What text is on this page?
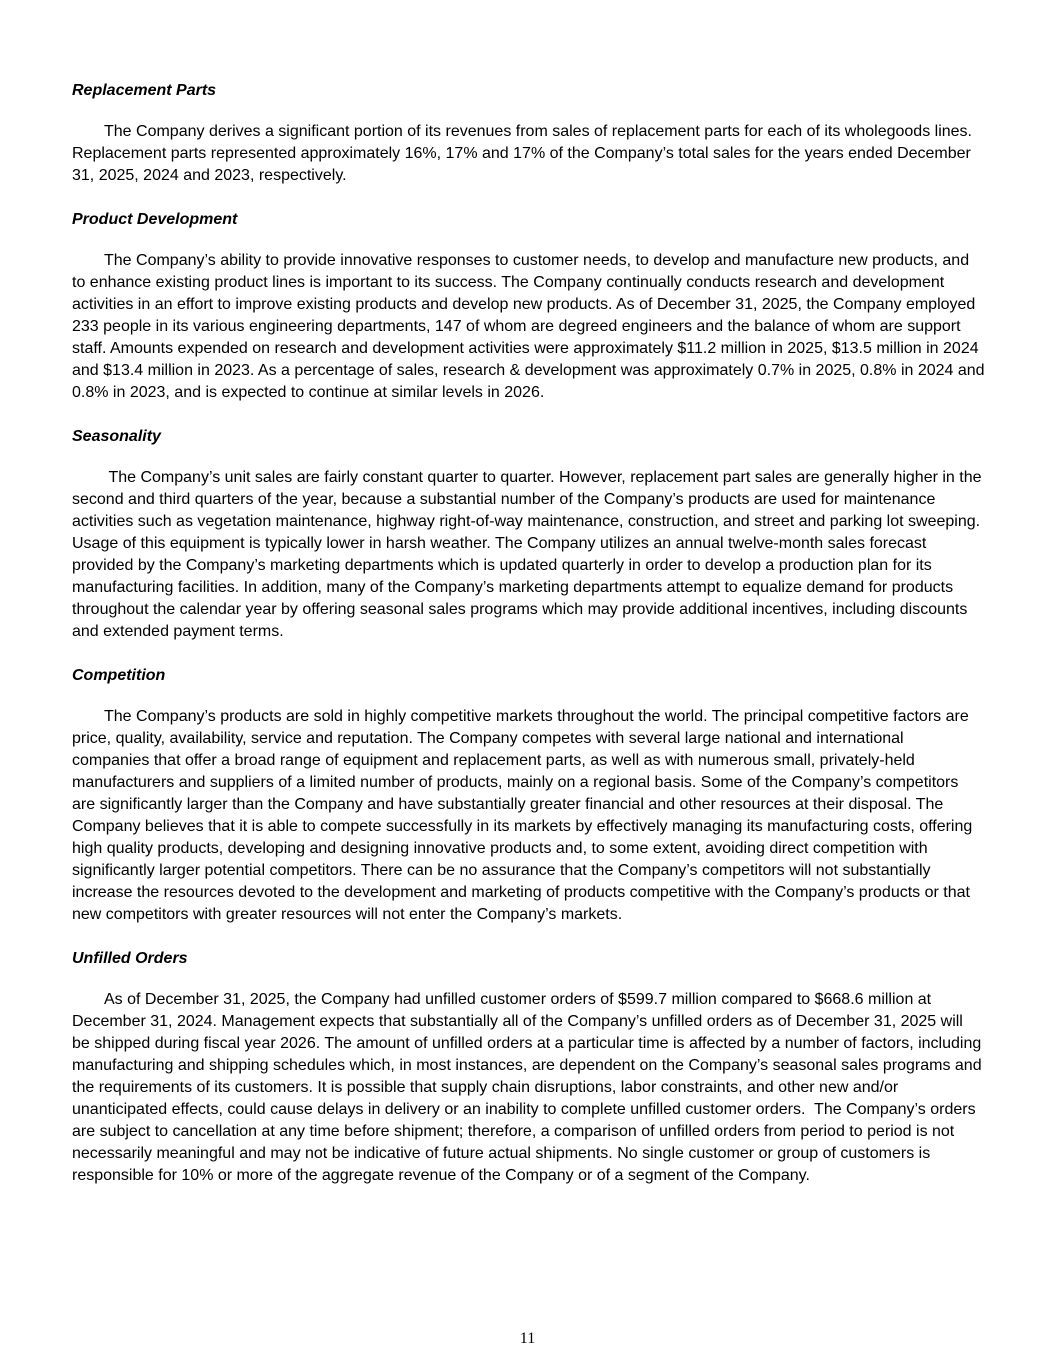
Replacement Parts

The Company derives a significant portion of its revenues from sales of replacement parts for each of its wholegoods lines. Replacement parts represented approximately 16%, 17% and 17% of the Company’s total sales for the years ended December 31, 2025, 2024 and 2023, respectively.

Product Development

The Company’s ability to provide innovative responses to customer needs, to develop and manufacture new products, and to enhance existing product lines is important to its success. The Company continually conducts research and development activities in an effort to improve existing products and develop new products. As of December 31, 2025, the Company employed 233 people in its various engineering departments, 147 of whom are degreed engineers and the balance of whom are support staff. Amounts expended on research and development activities were approximately $11.2 million in 2025, $13.5 million in 2024 and $13.4 million in 2023. As a percentage of sales, research & development was approximately 0.7% in 2025, 0.8% in 2024 and 0.8% in 2023, and is expected to continue at similar levels in 2026.

Seasonality

The Company’s unit sales are fairly constant quarter to quarter. However, replacement part sales are generally higher in the second and third quarters of the year, because a substantial number of the Company’s products are used for maintenance activities such as vegetation maintenance, highway right-of-way maintenance, construction, and street and parking lot sweeping. Usage of this equipment is typically lower in harsh weather. The Company utilizes an annual twelve-month sales forecast provided by the Company’s marketing departments which is updated quarterly in order to develop a production plan for its manufacturing facilities. In addition, many of the Company’s marketing departments attempt to equalize demand for products throughout the calendar year by offering seasonal sales programs which may provide additional incentives, including discounts and extended payment terms.

Competition

The Company’s products are sold in highly competitive markets throughout the world. The principal competitive factors are price, quality, availability, service and reputation. The Company competes with several large national and international companies that offer a broad range of equipment and replacement parts, as well as with numerous small, privately-held manufacturers and suppliers of a limited number of products, mainly on a regional basis. Some of the Company’s competitors are significantly larger than the Company and have substantially greater financial and other resources at their disposal. The Company believes that it is able to compete successfully in its markets by effectively managing its manufacturing costs, offering high quality products, developing and designing innovative products and, to some extent, avoiding direct competition with significantly larger potential competitors. There can be no assurance that the Company’s competitors will not substantially increase the resources devoted to the development and marketing of products competitive with the Company’s products or that new competitors with greater resources will not enter the Company’s markets.

Unfilled Orders

As of December 31, 2025, the Company had unfilled customer orders of $599.7 million compared to $668.6 million at December 31, 2024. Management expects that substantially all of the Company’s unfilled orders as of December 31, 2025 will be shipped during fiscal year 2026. The amount of unfilled orders at a particular time is affected by a number of factors, including manufacturing and shipping schedules which, in most instances, are dependent on the Company’s seasonal sales programs and the requirements of its customers. It is possible that supply chain disruptions, labor constraints, and other new and/or unanticipated effects, could cause delays in delivery or an inability to complete unfilled customer orders.  The Company’s orders are subject to cancellation at any time before shipment; therefore, a comparison of unfilled orders from period to period is not necessarily meaningful and may not be indicative of future actual shipments. No single customer or group of customers is responsible for 10% or more of the aggregate revenue of the Company or of a segment of the Company.

11
